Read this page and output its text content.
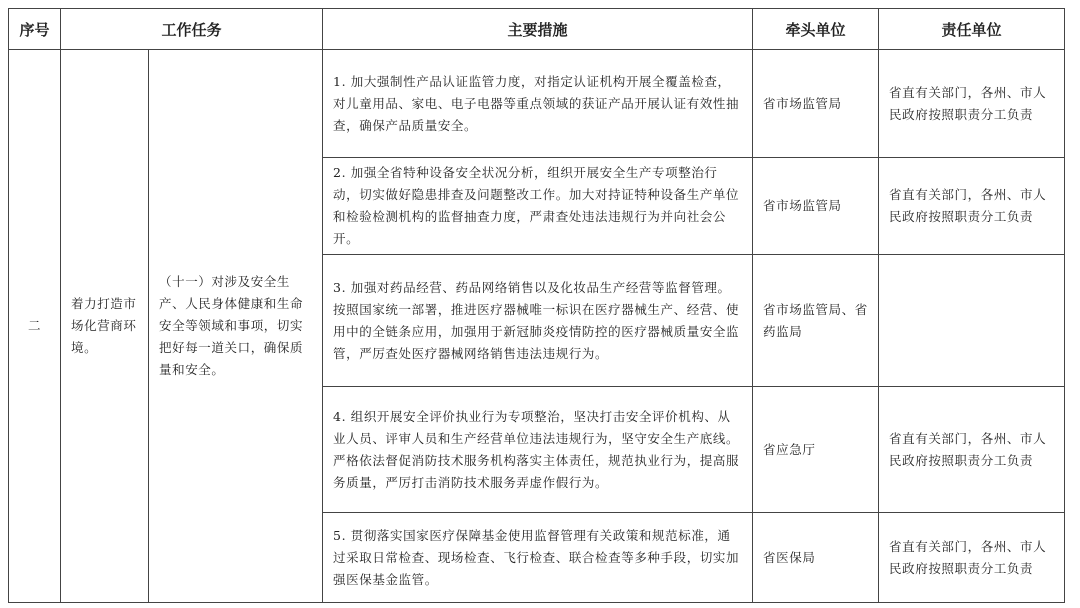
序号	工作任务		主要措施	牵头单位	责任单位
二	着力打造市场化营商环境。	（十一）对涉及安全生产、人民身体健康和生命安全等领域和事项，切实把好每一道关口，确保质量和安全。	1. 加大强制性产品认证监管力度，对指定认证机构开展全覆盖检查，对儿童用品、家电、电子电器等重点领域的获证产品开展认证有效性抽查，确保产品质量安全。	省市场监管局	省直有关部门，各州、市人民政府按照职责分工负责
			2. 加强全省特种设备安全状况分析，组织开展安全生产专项整治行动，切实做好隐患排查及问题整改工作。加大对持证特种设备生产单位和检验检测机构的监督抽查力度，严肃查处违法违规行为并向社会公开。	省市场监管局	省直有关部门，各州、市人民政府按照职责分工负责
			3. 加强对药品经营、药品网络销售以及化妆品生产经营等监督管理。按照国家统一部署，推进医疗器械唯一标识在医疗器械生产、经营、使用中的全链条应用，加强用于新冠肺炎疫情防控的医疗器械质量安全监管，严厉查处医疗器械网络销售违法违规行为。	省市场监管局、省药监局	
			4. 组织开展安全评价执业行为专项整治，坚决打击安全评价机构、从业人员、评审人员和生产经营单位违法违规行为，坚守安全生产底线。严格依法督促消防技术服务机构落实主体责任，规范执业行为，提高服务质量，严厉打击消防技术服务弄虚作假行为。	省应急厅	省直有关部门，各州、市人民政府按照职责分工负责
			5. 贯彻落实国家医疗保障基金使用监督管理有关政策和规范标准，通过采取日常检查、现场检查、飞行检查、联合检查等多种手段，切实加强医保基金监管。	省医保局	省直有关部门，各州、市人民政府按照职责分工负责
